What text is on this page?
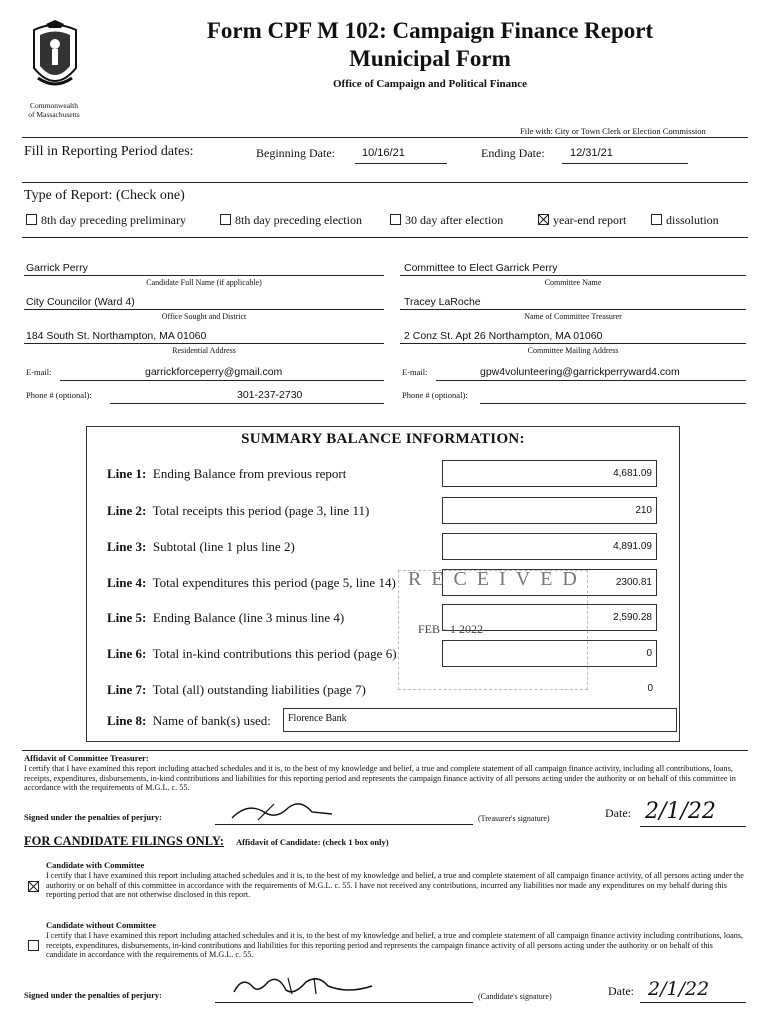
Commonwealth
of Massachusetts
Form CPF M 102: Campaign Finance Report
Municipal Form
Office of Campaign and Political Finance
File with: City or Town Clerk or Election Commission
Fill in Reporting Period dates:	Beginning Date: 10/16/21	Ending Date: 12/31/21
Type of Report: (Check one)
8th day preceding preliminary	8th day preceding election	30 day after election	year-end report	dissolution
Garrick Perry
Candidate Full Name (if applicable)
City Councilor (Ward 4)
Office Sought and District
184 South St. Northampton, MA 01060
Residential Address
E-mail:	garrickforceperry@gmail.com
Phone # (optional):	301-237-2730
Committee to Elect Garrick Perry
Committee Name
Tracey LaRoche
Name of Committee Treasurer
2 Conz St. Apt 26 Northampton, MA 01060
Committee Mailing Address
E-mail:	gpw4volunteering@garrickperryward4.com
Phone # (optional):
SUMMARY BALANCE INFORMATION:
Line 1: Ending Balance from previous report	4,681.09
Line 2: Total receipts this period (page 3, line 11)	210
Line 3: Subtotal (line 1 plus line 2)	4,891.09
Line 4: Total expenditures this period (page 5, line 14)	2300.81
Line 5: Ending Balance (line 3 minus line 4)	2,590.28
Line 6: Total in-kind contributions this period (page 6)	0
Line 7: Total (all) outstanding liabilities (page 7)	0
Line 8: Name of bank(s) used:	Florence Bank
RECEIVED
FEB - 1 2022
Affidavit of Committee Treasurer:
I certify that I have examined this report including attached schedules and it is, to the best of my knowledge and belief, a true and complete statement of all campaign finance activity, including all contributions, loans, receipts, expenditures, disbursements, in-kind contributions and liabilities for this reporting period and represents the campaign finance activity of all persons acting under the authority or on behalf of this committee in accordance with the requirements of M.G.L. c. 55.
Signed under the penalties of perjury:	(Treasurer's signature)	Date: 2/1/22
FOR CANDIDATE FILINGS ONLY: Affidavit of Candidate: (check 1 box only)
Candidate with Committee
I certify that I have examined this report including attached schedules and it is, to the best of my knowledge and belief, a true and complete statement of all campaign finance activity, of all persons acting under the authority or on behalf of this committee in accordance with the requirements of M.G.L. c. 55. I have not received any contributions, incurred any liabilities nor made any expenditures on my behalf during this reporting period that are not otherwise disclosed in this report.
Candidate without Committee
I certify that I have examined this report including attached schedules and it is, to the best of my knowledge and belief, a true and complete statement of all campaign finance activity including contributions, loans, receipts, expenditures, disbursements, in-kind contributions and liabilities for this reporting period and represents the campaign finance activity of all persons acting under the authority or on behalf of this candidate in accordance with the requirements of M.G.L. c. 55.
Signed under the penalties of perjury:	(Candidate's signature)	Date: 2/1/22
